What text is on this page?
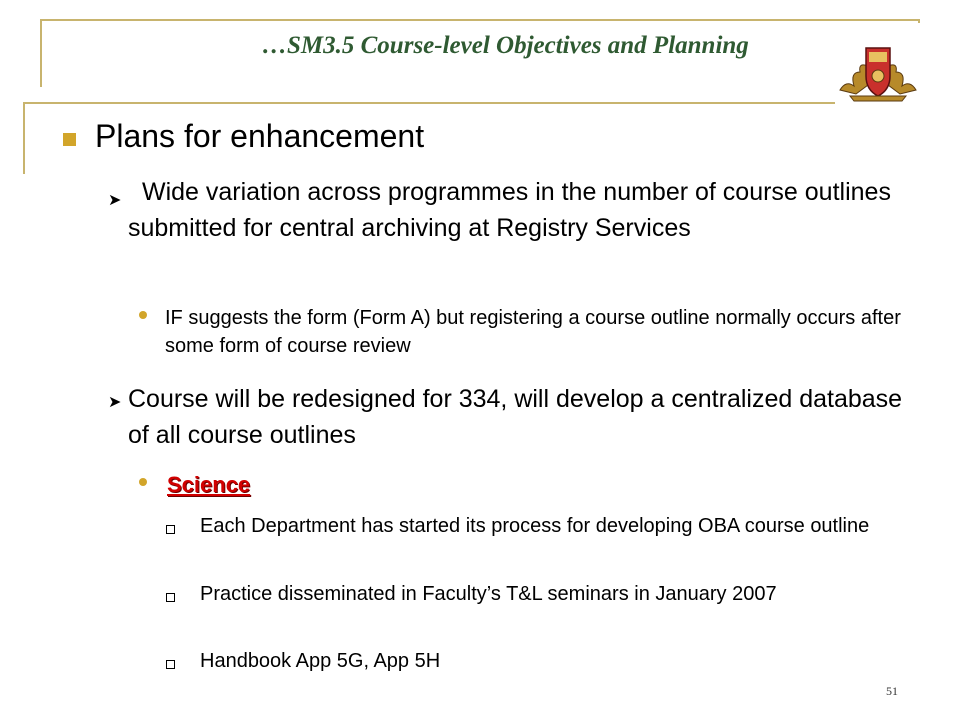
…SM3.5 Course-level Objectives and Planning
Plans for enhancement
➤ Wide variation across programmes in the number of course outlines submitted for central archiving at Registry Services
IF suggests the form (Form A) but registering a course outline normally occurs after some form of course review
➤ Course will be redesigned for 334, will develop a centralized database of all course outlines
Science
Each Department has started its process for developing OBA course outline
Practice disseminated in Faculty’s T&L seminars in January 2007
Handbook App 5G, App 5H
51
